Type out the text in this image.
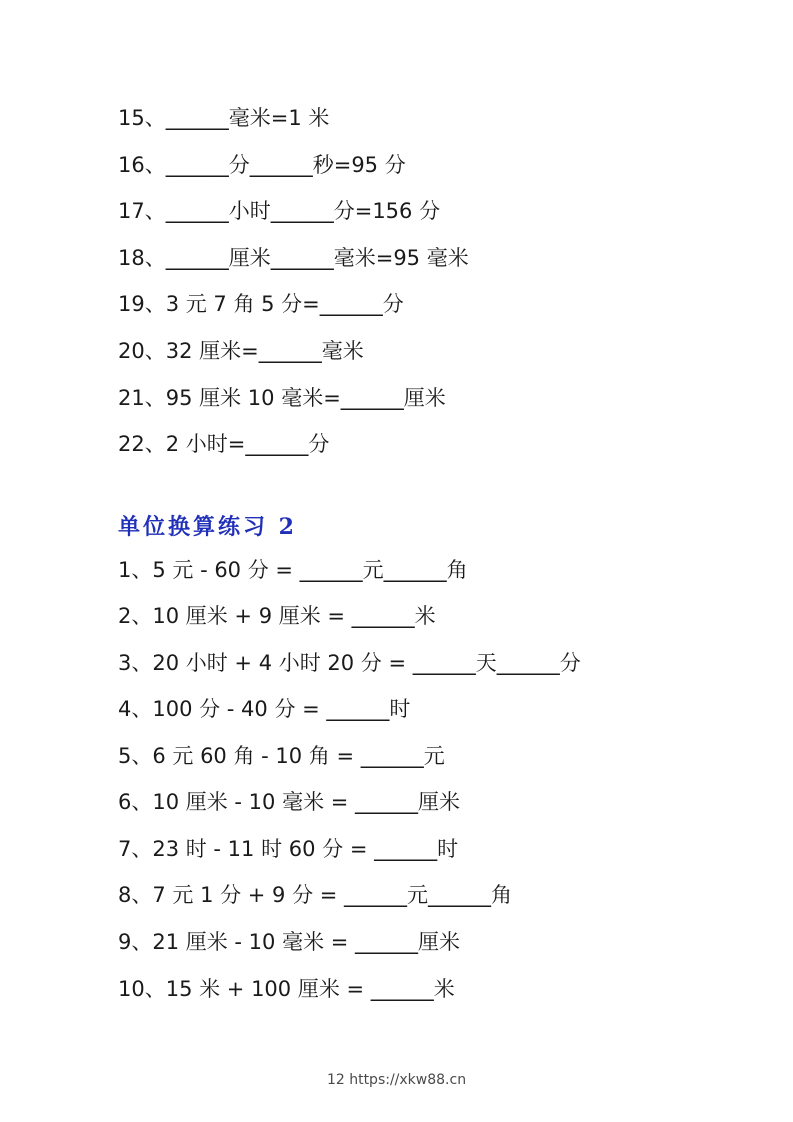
15、______毫米=1 米
16、______分______秒=95 分
17、______小时______分=156 分
18、______厘米______毫米=95 毫米
19、3 元 7 角 5 分=______分
20、32 厘米=______毫米
21、95 厘米 10 毫米=______厘米
22、2 小时=______分
单位换算练习 2
1、5 元 - 60 分 = ______元______角
2、10 厘米 + 9 厘米 = ______米
3、20 小时 + 4 小时 20 分 = ______天______分
4、100 分 - 40 分 = ______时
5、6 元 60 角 - 10 角 = ______元
6、10 厘米 - 10 毫米 = ______厘米
7、23 时 - 11 时 60 分 = ______时
8、7 元 1 分 + 9 分 = ______元______角
9、21 厘米 - 10 毫米 = ______厘米
10、15 米 + 100 厘米 = ______米
12 https://xkw88.cn
